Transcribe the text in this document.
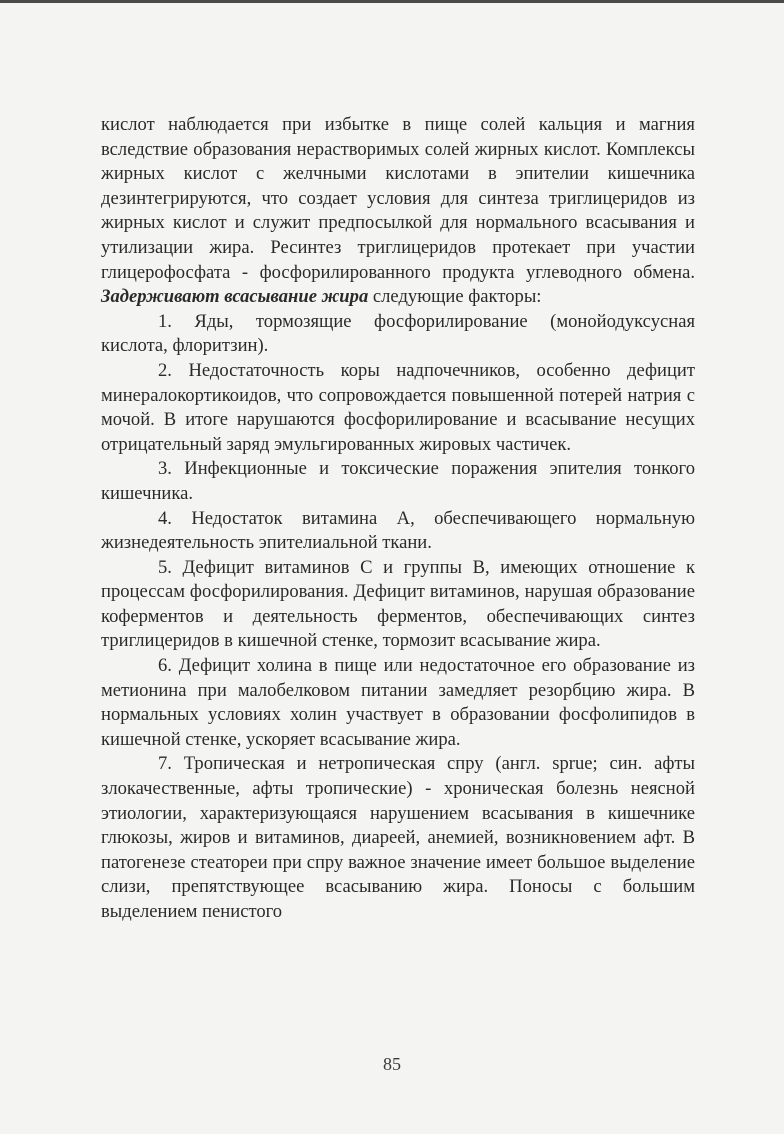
кислот наблюдается при избытке в пище солей кальция и магния вследствие образования нерастворимых солей жирных кислот. Комплексы жирных кислот с желчными кислотами в эпителии кишечника дезинтегрируются, что создает условия для синтеза триглицеридов из жирных кислот и служит предпосылкой для нормального всасывания и утилизации жира. Ресинтез триглицеридов протекает при участии глицерофосфата - фосфорилированного продукта углеводного обмена. Задерживают всасывание жира следующие факторы:

1. Яды, тормозящие фосфорилирование (монойодуксусная кислота, флоритзин).

2. Недостаточность коры надпочечников, особенно дефицит минералокортикоидов, что сопровождается повышенной потерей натрия с мочой. В итоге нарушаются фосфорилирование и всасывание несущих отрицательный заряд эмульгированных жировых частичек.

3. Инфекционные и токсические поражения эпителия тонкого кишечника.

4. Недостаток витамина А, обеспечивающего нормальную жизнедеятельность эпителиальной ткани.

5. Дефицит витаминов С и группы В, имеющих отношение к процессам фосфорилирования. Дефицит витаминов, нарушая образование коферментов и деятельность ферментов, обеспечивающих синтез триглицеридов в кишечной стенке, тормозит всасывание жира.

6. Дефицит холина в пище или недостаточное его образование из метионина при малобелковом питании замедляет резорбцию жира. В нормальных условиях холин участвует в образовании фосфолипидов в кишечной стенке, ускоряет всасывание жира.

7. Тропическая и нетропическая спру (англ. sprue; син. афты злокачественные, афты тропические) - хроническая болезнь неясной этиологии, характеризующаяся нарушением всасывания в кишечнике глюкозы, жиров и витаминов, диареей, анемией, возникновением афт. В патогенезе стеатореи при спру важное значение имеет большое выделение слизи, препятствующее всасыванию жира. Поносы с большим выделением пенистого

85
